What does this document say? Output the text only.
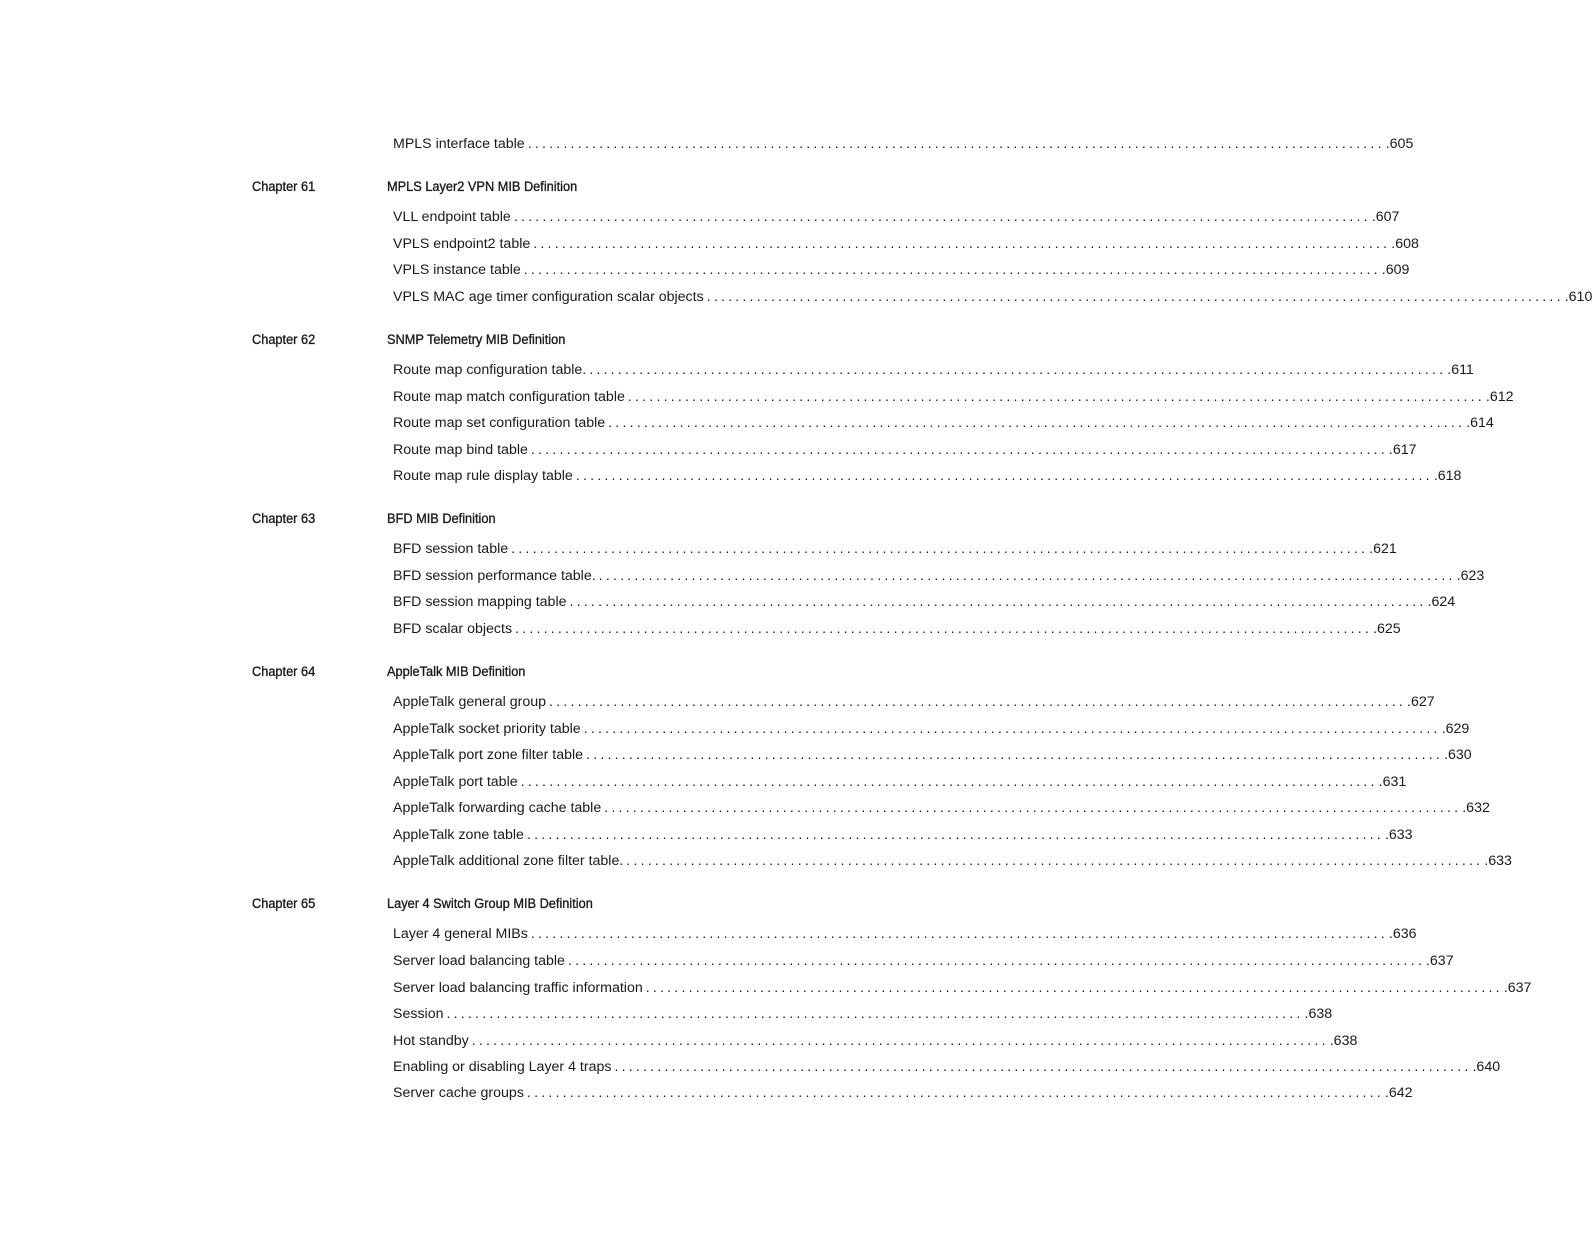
MPLS interface table ........................................................................................................................ .605
Chapter 61	MPLS Layer2 VPN MIB Definition
VLL endpoint table ........................................................................................................................ .607
VPLS endpoint2 table ........................................................................................................................ .608
VPLS instance table ........................................................................................................................ .609
VPLS MAC age timer configuration scalar objects ........................................................................................................................ .610
Chapter 62	SNMP Telemetry MIB Definition
Route map configuration table. ........................................................................................................................ .611
Route map match configuration table ........................................................................................................................ .612
Route map set configuration table ........................................................................................................................ .614
Route map bind table ........................................................................................................................ .617
Route map rule display table ........................................................................................................................ .618
Chapter 63	BFD MIB Definition
BFD session table ........................................................................................................................ .621
BFD session performance table. ........................................................................................................................ .623
BFD session mapping table ........................................................................................................................ .624
BFD scalar objects ........................................................................................................................ .625
Chapter 64	AppleTalk MIB Definition
AppleTalk general group ........................................................................................................................ .627
AppleTalk socket priority table ........................................................................................................................ .629
AppleTalk port zone filter table ........................................................................................................................ .630
AppleTalk port table ........................................................................................................................ .631
AppleTalk forwarding cache table ........................................................................................................................ .632
AppleTalk zone table ........................................................................................................................ .633
AppleTalk additional zone filter table. ........................................................................................................................ .633
Chapter 65	Layer 4 Switch Group MIB Definition
Layer 4 general MIBs ........................................................................................................................ .636
Server load balancing table ........................................................................................................................ .637
Server load balancing traffic information ........................................................................................................................ .637
Session ........................................................................................................................ .638
Hot standby ........................................................................................................................ .638
Enabling or disabling Layer 4 traps ........................................................................................................................ .640
Server cache groups ........................................................................................................................ .642
